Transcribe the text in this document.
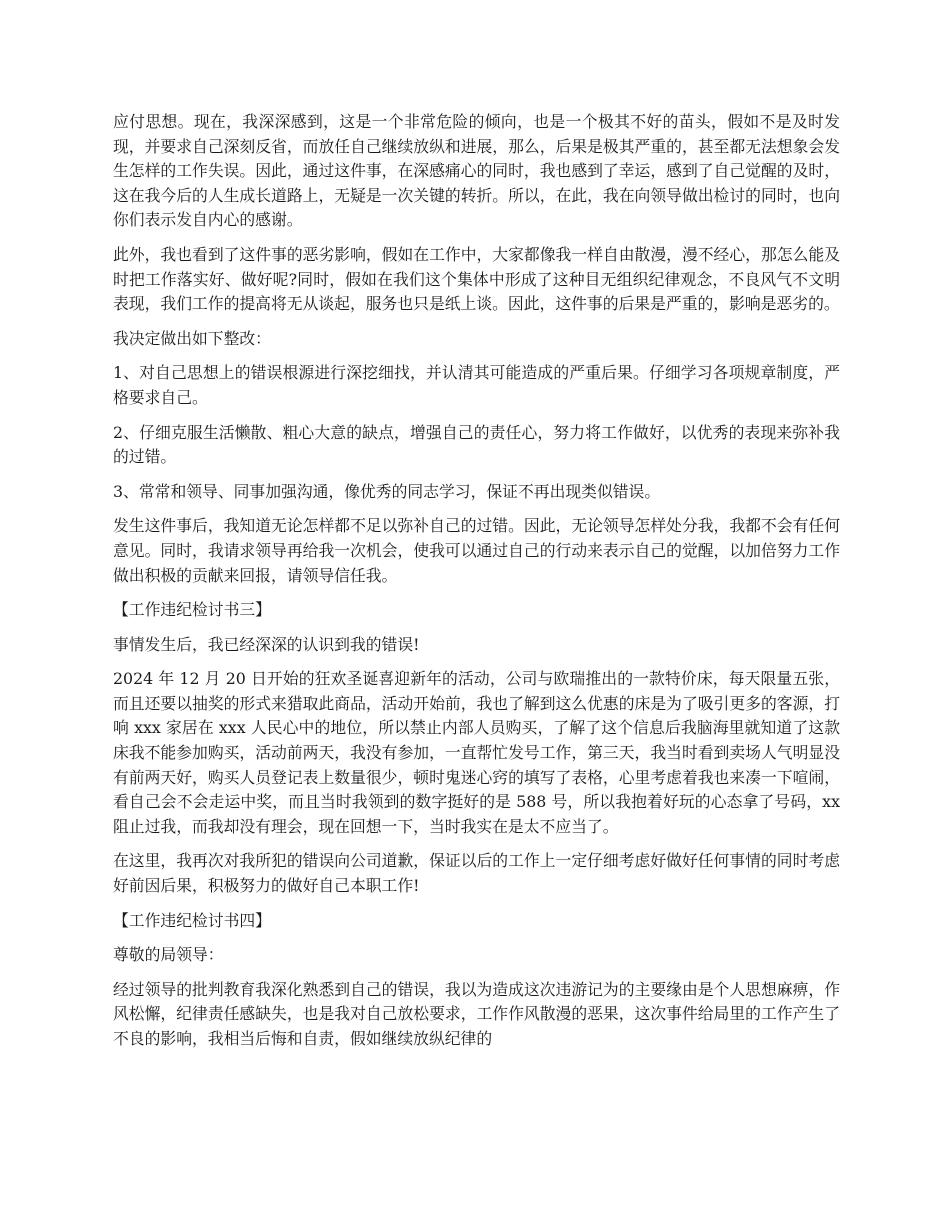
应付思想。现在，我深深感到，这是一个非常危险的倾向，也是一个极其不好的苗头，假如不是及时发现，并要求自己深刻反省，而放任自己继续放纵和进展，那么，后果是极其严重的，甚至都无法想象会发生怎样的工作失误。因此，通过这件事，在深感痛心的同时，我也感到了幸运，感到了自己觉醒的及时，这在我今后的人生成长道路上，无疑是一次关键的转折。所以，在此，我在向领导做出检讨的同时，也向你们表示发自内心的感谢。

此外，我也看到了这件事的恶劣影响，假如在工作中，大家都像我一样自由散漫，漫不经心，那怎么能及时把工作落实好、做好呢?同时，假如在我们这个集体中形成了这种目无组织纪律观念，不良风气不文明表现，我们工作的提高将无从谈起，服务也只是纸上谈。因此，这件事的后果是严重的，影响是恶劣的。

我决定做出如下整改：

1、对自己思想上的错误根源进行深挖细找，并认清其可能造成的严重后果。仔细学习各项规章制度，严格要求自己。

2、仔细克服生活懒散、粗心大意的缺点，增强自己的责任心，努力将工作做好，以优秀的表现来弥补我的过错。

3、常常和领导、同事加强沟通，像优秀的同志学习，保证不再出现类似错误。

发生这件事后，我知道无论怎样都不足以弥补自己的过错。因此，无论领导怎样处分我，我都不会有任何意见。同时，我请求领导再给我一次机会，使我可以通过自己的行动来表示自己的觉醒，以加倍努力工作做出积极的贡献来回报，请领导信任我。

【工作违纪检讨书三】

事情发生后，我已经深深的认识到我的错误!

2024 年 12 月 20 日开始的狂欢圣诞喜迎新年的活动，公司与欧瑞推出的一款特价床，每天限量五张，而且还要以抽奖的形式来猎取此商品，活动开始前，我也了解到这么优惠的床是为了吸引更多的客源，打响 xxx 家居在 xxx 人民心中的地位，所以禁止内部人员购买，了解了这个信息后我脑海里就知道了这款床我不能参加购买，活动前两天，我没有参加，一直帮忙发号工作，第三天，我当时看到卖场人气明显没有前两天好，购买人员登记表上数量很少，顿时鬼迷心窍的填写了表格，心里考虑着我也来凑一下喧闹，看自己会不会走运中奖，而且当时我领到的数字挺好的是 588 号，所以我抱着好玩的心态拿了号码，xx 阻止过我，而我却没有理会，现在回想一下，当时我实在是太不应当了。

在这里，我再次对我所犯的错误向公司道歉，保证以后的工作上一定仔细考虑好做好任何事情的同时考虑好前因后果，积极努力的做好自己本职工作!

【工作违纪检讨书四】

尊敬的局领导：

经过领导的批判教育我深化熟悉到自己的错误，我以为造成这次违游记为的主要缘由是个人思想麻痹，作风松懈，纪律责任感缺失，也是我对自己放松要求，工作作风散漫的恶果，这次事件给局里的工作产生了不良的影响，我相当后悔和自责，假如继续放纵纪律的
